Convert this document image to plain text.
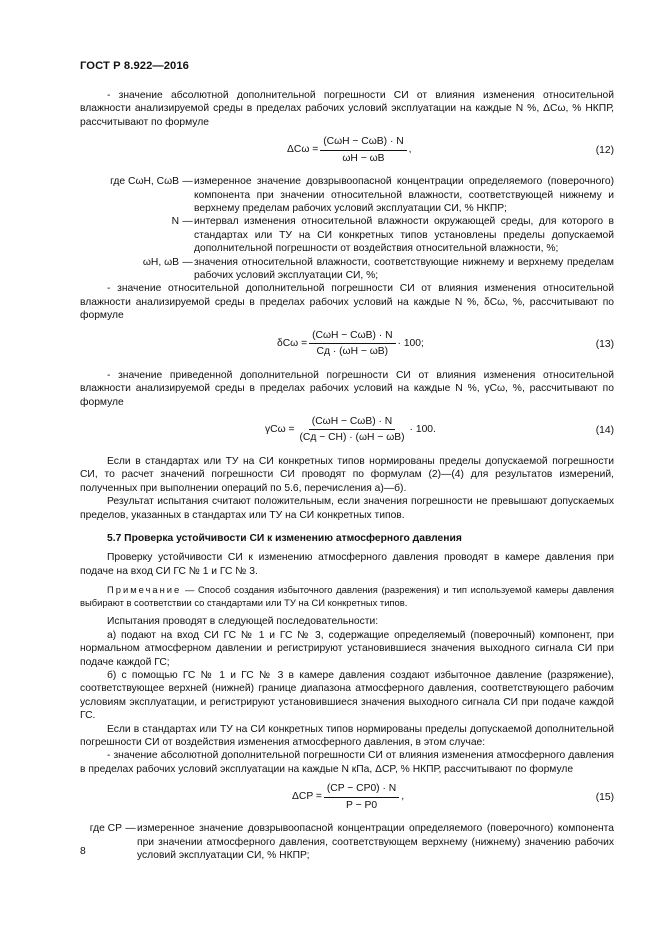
ГОСТ Р 8.922—2016

- значение абсолютной дополнительной погрешности СИ от влияния изменения относительной влажности анализируемой среды в пределах рабочих условий эксплуатации на каждые N %, ΔCω, % НКПР, рассчитывают по формуле

$\Delta C\omega = \frac{\text{(CωH − CωB) · N}}{\omega H - \omega B}$ ,	(12)
где CωH, CωB — измеренное значение довзрывоопасной концентрации определяемого (поверочного) компонента при значении относительной влажности, соответствующей нижнему и верхнему пределам рабочих условий эксплуатации СИ, % НКПР;
N — интервал изменения относительной влажности окружающей среды, для которого в стандартах или ТУ на СИ конкретных типов установлены пределы допускаемой дополнительной погрешности от воздействия относительной влажности, %;
ωH, ωB — значения относительной влажности, соответствующие нижнему и верхнему пределам рабочих условий эксплуатации СИ, %;

- значение относительной дополнительной погрешности СИ от влияния изменения относительной влажности анализируемой среды в пределах рабочих условий на каждые N %, δCω, %, рассчитывают по формуле

$\delta C\omega = \frac{\text{(CωH − CωB) · N}}{Cд \cdot (\omega H - \omega B)} \cdot 100$;	(13)

- значение приведенной дополнительной погрешности СИ от влияния изменения относительной влажности анализируемой среды в пределах рабочих условий на каждые N %, γCω, %, рассчитывают по формуле

$\gamma C\omega = \frac{\text{(CωH − CωB) · N}}{(Cд - CH) \cdot (\omega H - \omega B)} \cdot 100$.	(14)

Если в стандартах или ТУ на СИ конкретных типов нормированы пределы допускаемой погрешности СИ, то расчет значений погрешности СИ проводят по формулам (2)—(4) для результатов измерений, полученных при выполнении операций по 5.6, перечисления а)—б).

Результат испытания считают положительным, если значения погрешности не превышают допускаемых пределов, указанных в стандартах или ТУ на СИ конкретных типов.

5.7 Проверка устойчивости СИ к изменению атмосферного давления

Проверку устойчивости СИ к изменению атмосферного давления проводят в камере давления при подаче на вход СИ ГС № 1 и ГС № 3.

Примечание — Способ создания избыточного давления (разрежения) и тип используемой камеры давления выбирают в соответствии со стандартами или ТУ на СИ конкретных типов.

Испытания проводят в следующей последовательности:

а) подают на вход СИ ГС № 1 и ГС № 3, содержащие определяемый (поверочный) компонент, при нормальном атмосферном давлении и регистрируют установившиеся значения выходного сигнала СИ при подаче каждой ГС;

б) с помощью ГС № 1 и ГС № 3 в камере давления создают избыточное давление (разряжение), соответствующее верхней (нижней) границе диапазона атмосферного давления, соответствующего рабочим условиям эксплуатации, и регистрируют установившиеся значения выходного сигнала СИ при подаче каждой ГС.

Если в стандартах или ТУ на СИ конкретных типов нормированы пределы допускаемой дополнительной погрешности СИ от воздействия изменения атмосферного давления, в этом случае:

- значение абсолютной дополнительной погрешности СИ от влияния изменения атмосферного давления в пределах рабочих условий эксплуатации на каждые N кПа, ΔCP, % НКПР, рассчитывают по формуле

$\Delta CP = \frac{(CP - CP0) \cdot N}{P - P0}$ ,	(15)
где CP — измеренное значение довзрывоопасной концентрации определяемого (поверочного) компонента при значении атмосферного давления, соответствующем верхнему (нижнему) значению рабочих условий эксплуатации СИ, % НКПР;
8
